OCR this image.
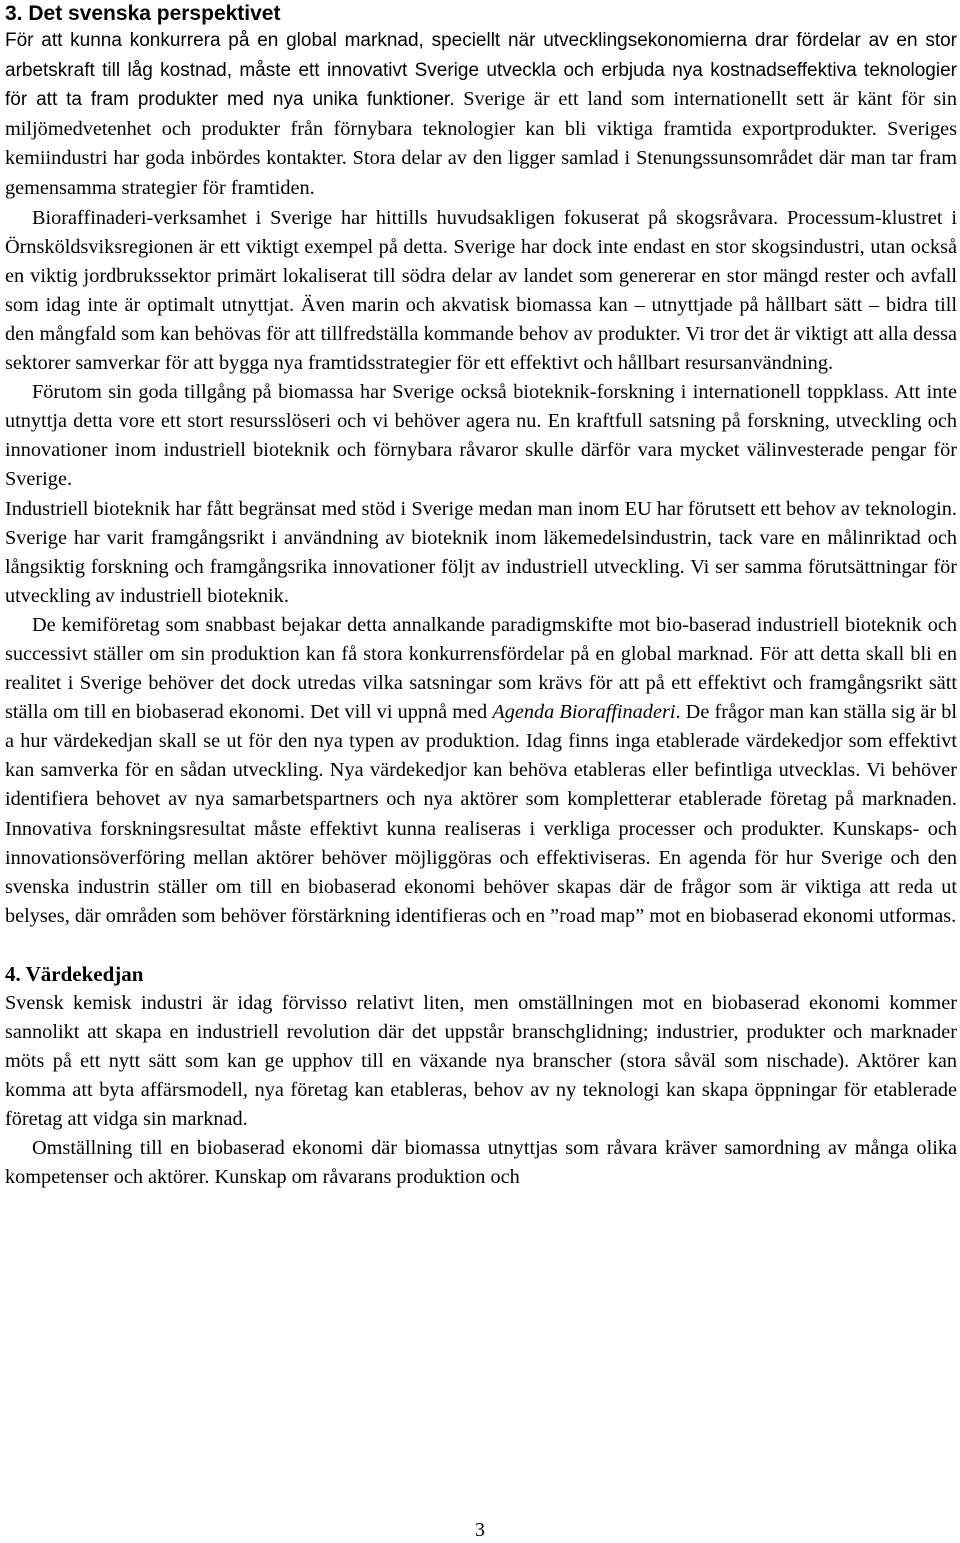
3. Det svenska perspektivet

För att kunna konkurrera på en global marknad, speciellt när utvecklingsekonomierna drar fördelar av en stor arbetskraft till låg kostnad, måste ett innovativt Sverige utveckla och erbjuda nya kostnadseffektiva teknologier för att ta fram produkter med nya unika funktioner. Sverige är ett land som internationellt sett är känt för sin miljömedvetenhet och produkter från förnybara teknologier kan bli viktiga framtida exportprodukter. Sveriges kemiindustri har goda inbördes kontakter. Stora delar av den ligger samlad i Stenungssunsområdet där man tar fram gemensamma strategier för framtiden.

Bioraffinaderi-verksamhet i Sverige har hittills huvudsakligen fokuserat på skogsråvara. Processum-klustret i Örnsköldsviksregionen är ett viktigt exempel på detta. Sverige har dock inte endast en stor skogsindustri, utan också en viktig jordbrukssektor primärt lokaliserat till södra delar av landet som genererar en stor mängd rester och avfall som idag inte är optimalt utnyttjat. Även marin och akvatisk biomassa kan – utnyttjade på hållbart sätt – bidra till den mångfald som kan behövas för att tillfredställa kommande behov av produkter. Vi tror det är viktigt att alla dessa sektorer samverkar för att bygga nya framtidsstrategier för ett effektivt och hållbart resursanvändning.

Förutom sin goda tillgång på biomassa har Sverige också bioteknik-forskning i internationell toppklass. Att inte utnyttja detta vore ett stort resursslöseri och vi behöver agera nu. En kraftfull satsning på forskning, utveckling och innovationer inom industriell bioteknik och förnybara råvaror skulle därför vara mycket välinvesterade pengar för Sverige.

Industriell bioteknik har fått begränsat med stöd i Sverige medan man inom EU har förutsett ett behov av teknologin. Sverige har varit framgångsrikt i användning av bioteknik inom läkemedelsindustrin, tack vare en målinriktad och långsiktig forskning och framgångsrika innovationer följt av industriell utveckling. Vi ser samma förutsättningar för utveckling av industriell bioteknik.

De kemiföretag som snabbast bejakar detta annalkande paradigmskifte mot bio-baserad industriell bioteknik och successivt ställer om sin produktion kan få stora konkurrensfördelar på en global marknad. För att detta skall bli en realitet i Sverige behöver det dock utredas vilka satsningar som krävs för att på ett effektivt och framgångsrikt sätt ställa om till en biobaserad ekonomi. Det vill vi uppnå med Agenda Bioraffinaderi. De frågor man kan ställa sig är bl a hur värdekedjan skall se ut för den nya typen av produktion. Idag finns inga etablerade värdekedjor som effektivt kan samverka för en sådan utveckling. Nya värdekedjor kan behöva etableras eller befintliga utvecklas. Vi behöver identifiera behovet av nya samarbetspartners och nya aktörer som kompletterar etablerade företag på marknaden. Innovativa forskningsresultat måste effektivt kunna realiseras i verkliga processer och produkter. Kunskaps- och innovationsöverföring mellan aktörer behöver möjliggöras och effektiviseras. En agenda för hur Sverige och den svenska industrin ställer om till en biobaserad ekonomi behöver skapas där de frågor som är viktiga att reda ut belyses, där områden som behöver förstärkning identifieras och en ”road map” mot en biobaserad ekonomi utformas.

4. Värdekedjan

Svensk kemisk industri är idag förvisso relativt liten, men omställningen mot en biobaserad ekonomi kommer sannolikt att skapa en industriell revolution där det uppstår branschglidning; industrier, produkter och marknader möts på ett nytt sätt som kan ge upphov till en växande nya branscher (stora såväl som nischade). Aktörer kan komma att byta affärsmodell, nya företag kan etableras, behov av ny teknologi kan skapa öppningar för etablerade företag att vidga sin marknad.

Omställning till en biobaserad ekonomi där biomassa utnyttjas som råvara kräver samordning av många olika kompetenser och aktörer. Kunskap om råvarans produktion och

3
